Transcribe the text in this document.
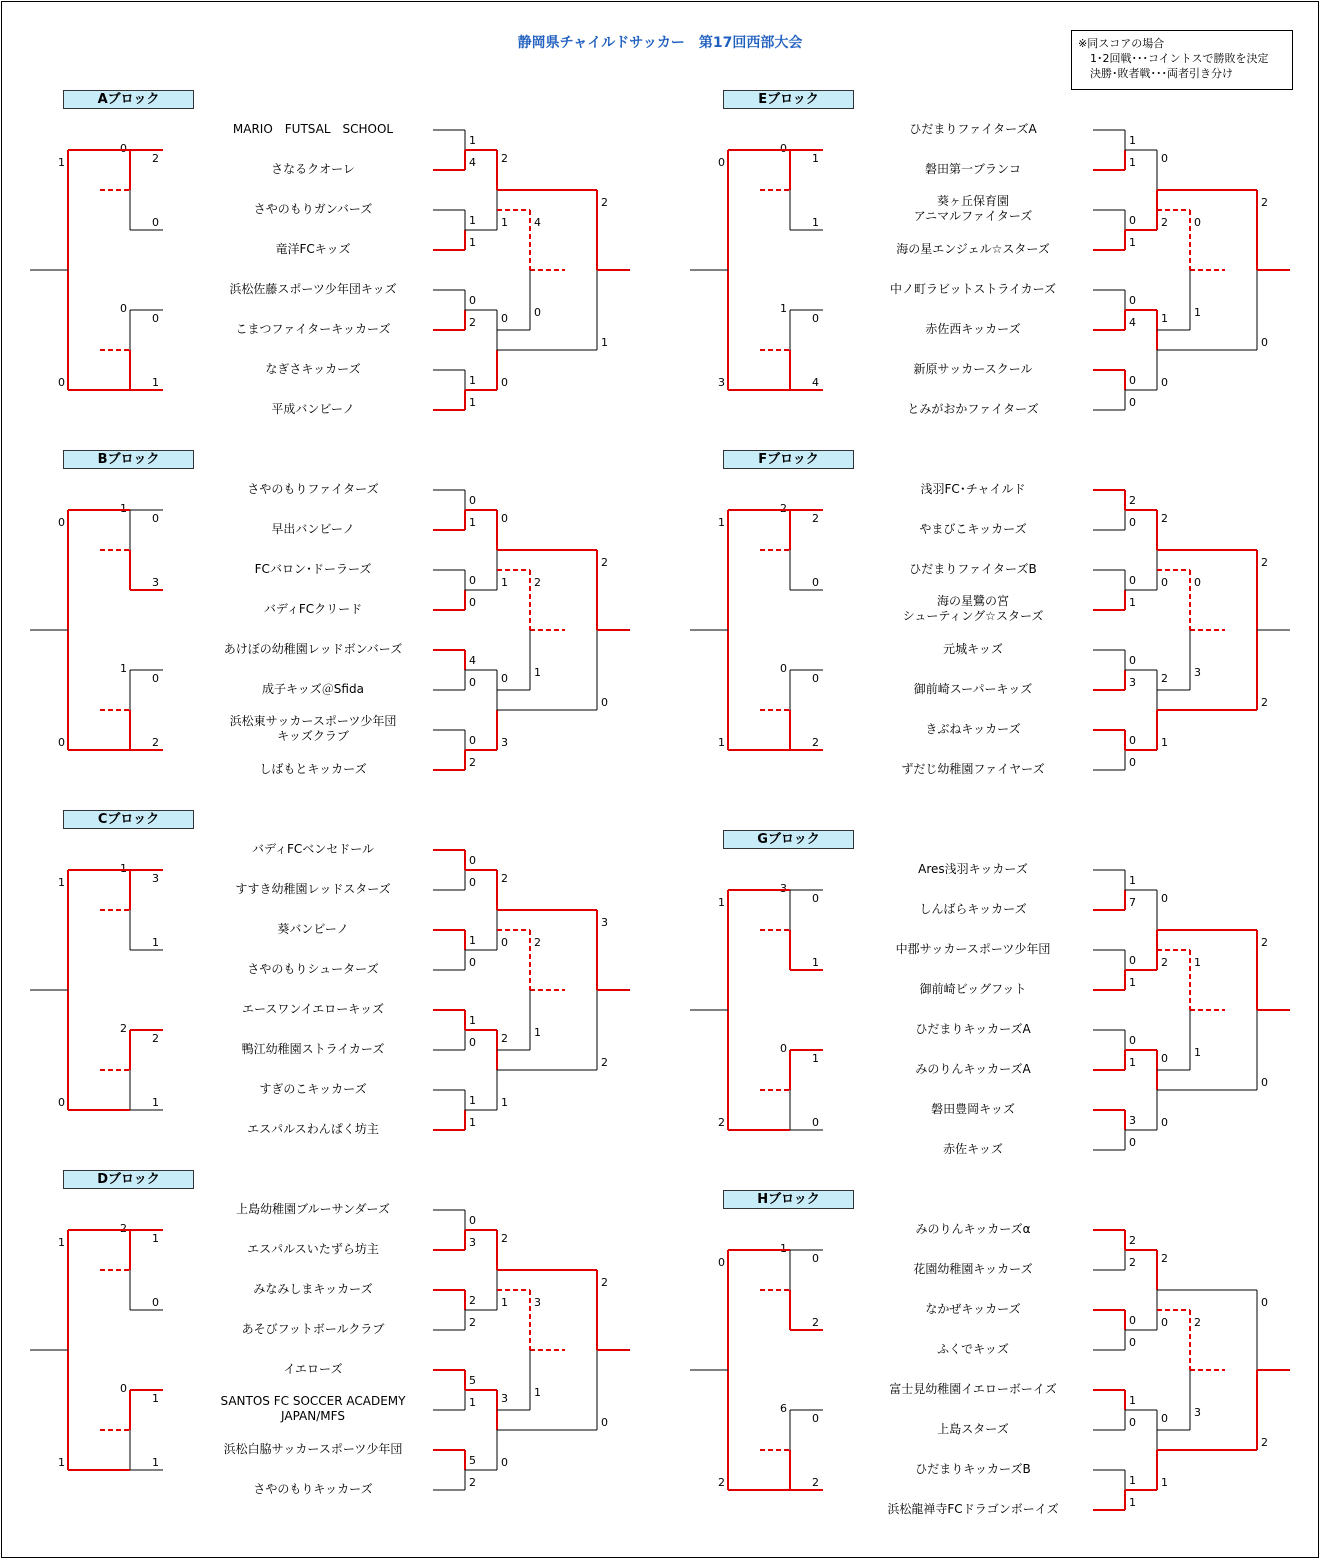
静岡県チャイルドサッカー　第17回西部大会	※同スコアの場合
1･2回戦･･･コイントスで勝敗を決定
決勝･敗者戦･･･両者引き分け
Aブロック
MARIO　FUTSAL　SCHOOL
さなるクオーレ
さやのもりガンバーズ
竜洋FCキッズ
浜松佐藤スポーツ少年団キッズ
こまつファイターキッカーズ
なぎさキッカーズ
平成バンビーノ
1
4
1
1
0
2
1
1
2
1
0
0
2
1
4
0
2
0
0
0
1
0
1
0
Bブロック
さやのもりファイターズ
早出バンビーノ
FCバロン･ドーラーズ
バディFCクリード
あけぼの幼稚園レッドボンバーズ
成子キッズ＠Sfida
浜松東サッカースポーツ少年団
キッズクラブ
しばもとキッカーズ
0
1
0
0
4
0
0
2
0
1
0
3
2
0
2
1
0
3
1
0
2
1
0
0
Cブロック
バディFCベンセドール
すすき幼稚園レッドスターズ
葵バンビーノ
さやのもりシューターズ
エースワンイエローキッズ
鴨江幼稚園ストライカーズ
すぎのこキッカーズ
エスパルスわんぱく坊主
0
0
1
0
1
0
1
1
2
0
2
1
3
2
2
1
3
1
1
2
1
2
1
0
Dブロック
上島幼稚園ブルーサンダーズ
エスパルスいたずら坊主
みなみしまキッカーズ
あそびフットボールクラブ
イエローズ
SANTOS FC SOCCER ACADEMY
JAPAN/MFS
浜松白脇サッカースポーツ少年団
さやのもりキッカーズ
0
3
2
2
5
1
5
2
2
1
3
0
2
0
3
1
1
0
2
1
1
0
1
1
Eブロック
ひだまりファイターズA
磐田第一ブランコ
葵ヶ丘保育園
アニマルファイターズ
海の星エンジェル☆スターズ
中ノ町ラビットストライカーズ
赤佐西キッカーズ
新原サッカースクール
とみがおかファイターズ
1
1
0
1
0
4
0
0
0
2
1
0
2
0
0
1
1
1
0
0
4
1
0
3
Fブロック
浅羽FC･チャイルド
やまびこキッカーズ
ひだまりファイターズB
海の星鷺の宮
シューティング☆スターズ
元城キッズ
御前崎スーパーキッズ
きぶねキッカーズ
ずだじ幼稚園ファイヤーズ
2
0
0
1
0
3
0
0
2
0
2
1
2
2
0
3
2
0
2
0
2
0
1
1
Gブロック
Ares浅羽キッカーズ
しんばらキッカーズ
中郡サッカースポーツ少年団
御前崎ビッグフット
ひだまりキッカーズA
みのりんキッカーズA
磐田豊岡キッズ
赤佐キッズ
1
7
0
1
0
1
3
0
0
2
0
0
2
0
1
1
0
1
3
1
0
0
1
2
Hブロック
みのりんキッカーズα
花園幼稚園キッカーズ
なかぜキッカーズ
ふくでキッズ
富士見幼稚園イエローボーイズ
上島スターズ
ひだまりキッカーズB
浜松龍禅寺FCドラゴンボーイズ
2
2
0
0
1
0
1
1
2
0
0
1
0
2
2
3
0
2
1
0
2
6
0
2
